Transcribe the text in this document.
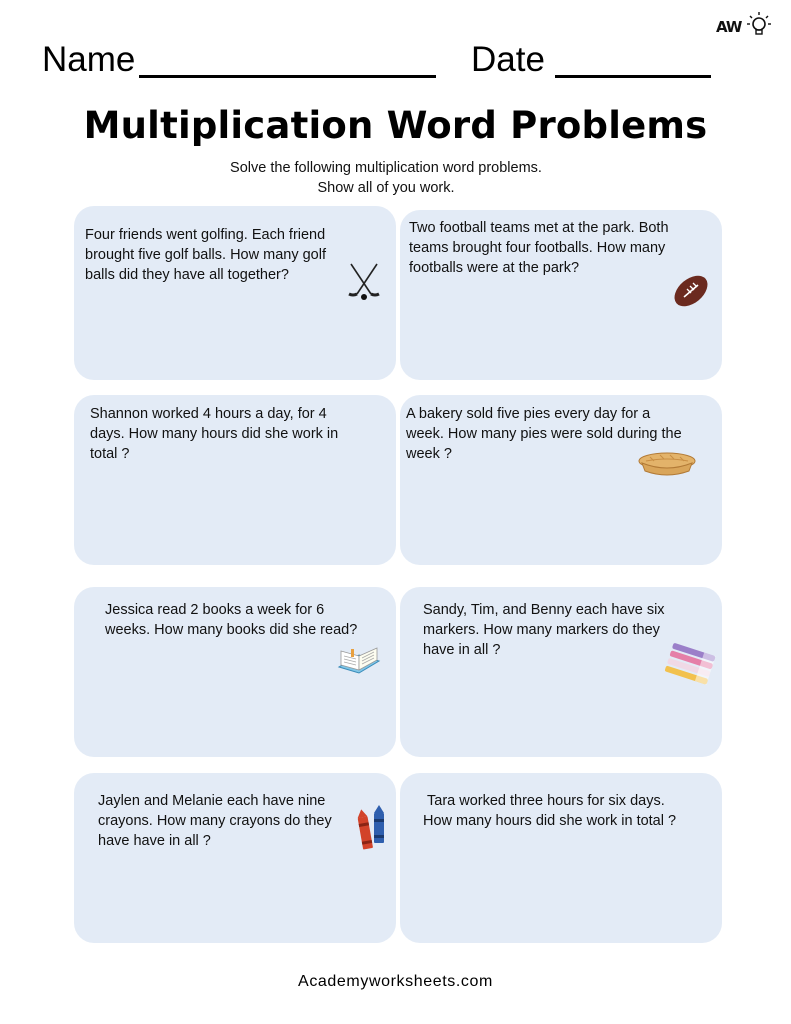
AW
Name	Date
Multiplication Word Problems
Solve the following multiplication word problems.
Show all of you work.
Four friends went golfing. Each friend
brought five golf balls. How many golf
balls did they have all together?
Two football teams met at the park. Both
teams brought four footballs. How many
footballs were at the park?
Shannon worked 4 hours a day, for 4
days. How many hours did she work in
total ?
A bakery sold five pies every day for a
week. How many pies were sold during the
week ?
Jessica read 2 books a week for 6
weeks. How many books did she read?
Sandy, Tim, and Benny each have six
markers. How many markers do they
have in all ?
Jaylen and Melanie each have nine
crayons. How many crayons do they
have have in all ?
Tara worked three hours for six days.
How many hours did she work in total ?
Academyworksheets.com
